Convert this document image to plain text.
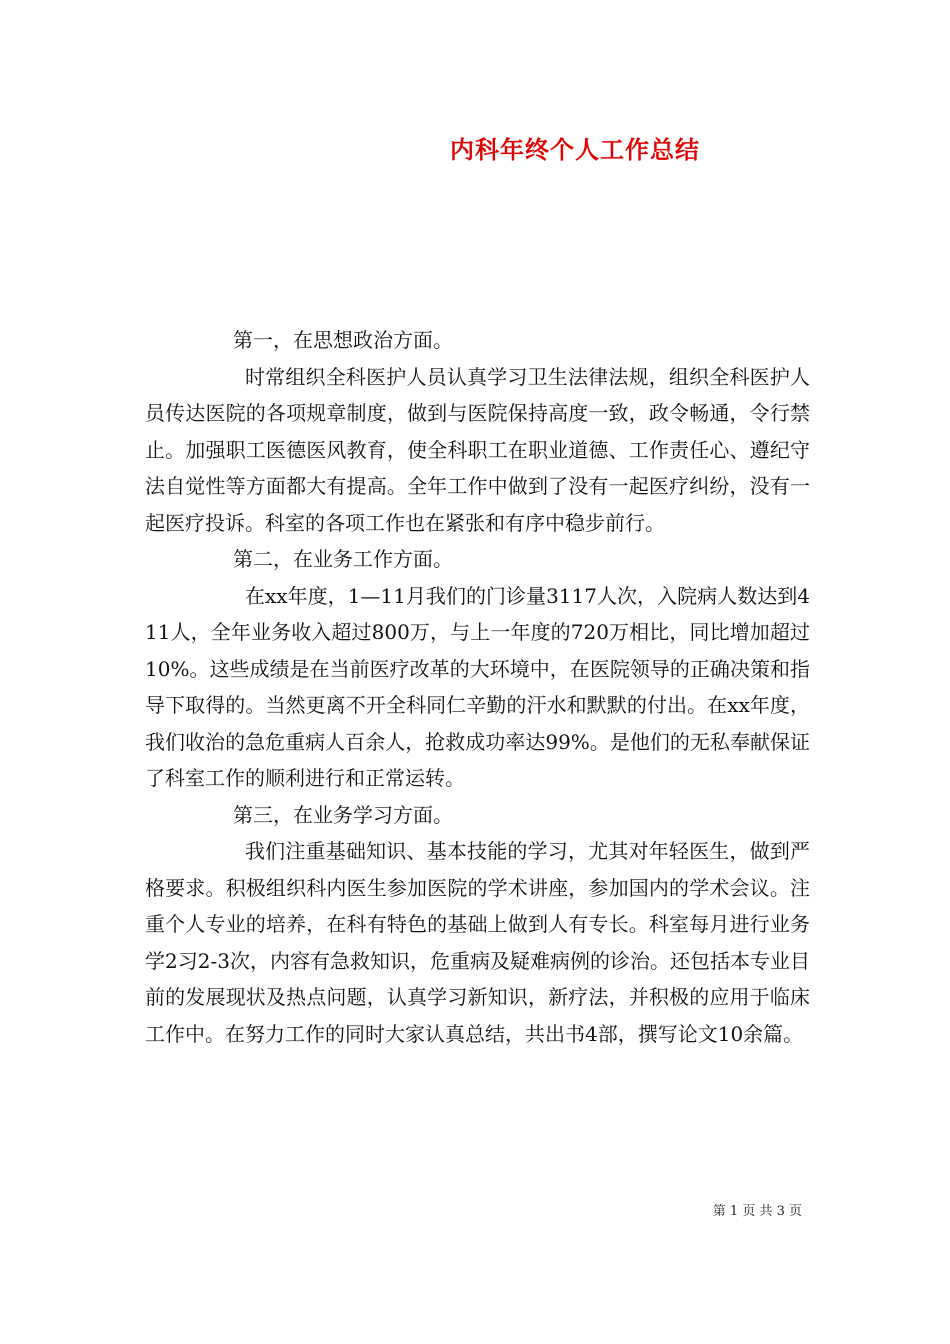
内科年终个人工作总结

第一，在思想政治方面。

时常组织全科医护人员认真学习卫生法律法规，组织全科医护人员传达医院的各项规章制度，做到与医院保持高度一致，政令畅通，令行禁止。加强职工医德医风教育，使全科职工在职业道德、工作责任心、遵纪守法自觉性等方面都大有提高。全年工作中做到了没有一起医疗纠纷，没有一起医疗投诉。科室的各项工作也在紧张和有序中稳步前行。

第二，在业务工作方面。

在xx年度，1—11月我们的门诊量3117人次，入院病人数达到411人，全年业务收入超过800万，与上一年度的720万相比，同比增加超过10%。这些成绩是在当前医疗改革的大环境中，在医院领导的正确决策和指导下取得的。当然更离不开全科同仁辛勤的汗水和默默的付出。在xx年度，我们收治的急危重病人百余人，抢救成功率达99%。是他们的无私奉献保证了科室工作的顺利进行和正常运转。

第三，在业务学习方面。

我们注重基础知识、基本技能的学习，尤其对年轻医生，做到严格要求。积极组织科内医生参加医院的学术讲座，参加国内的学术会议。注重个人专业的培养，在科有特色的基础上做到人有专长。科室每月进行业务学2习2-3次，内容有急救知识，危重病及疑难病例的诊治。还包括本专业目前的发展现状及热点问题，认真学习新知识，新疗法，并积极的应用于临床工作中。在努力工作的同时大家认真总结，共出书4部，撰写论文10余篇。

第 1 页 共 3 页
